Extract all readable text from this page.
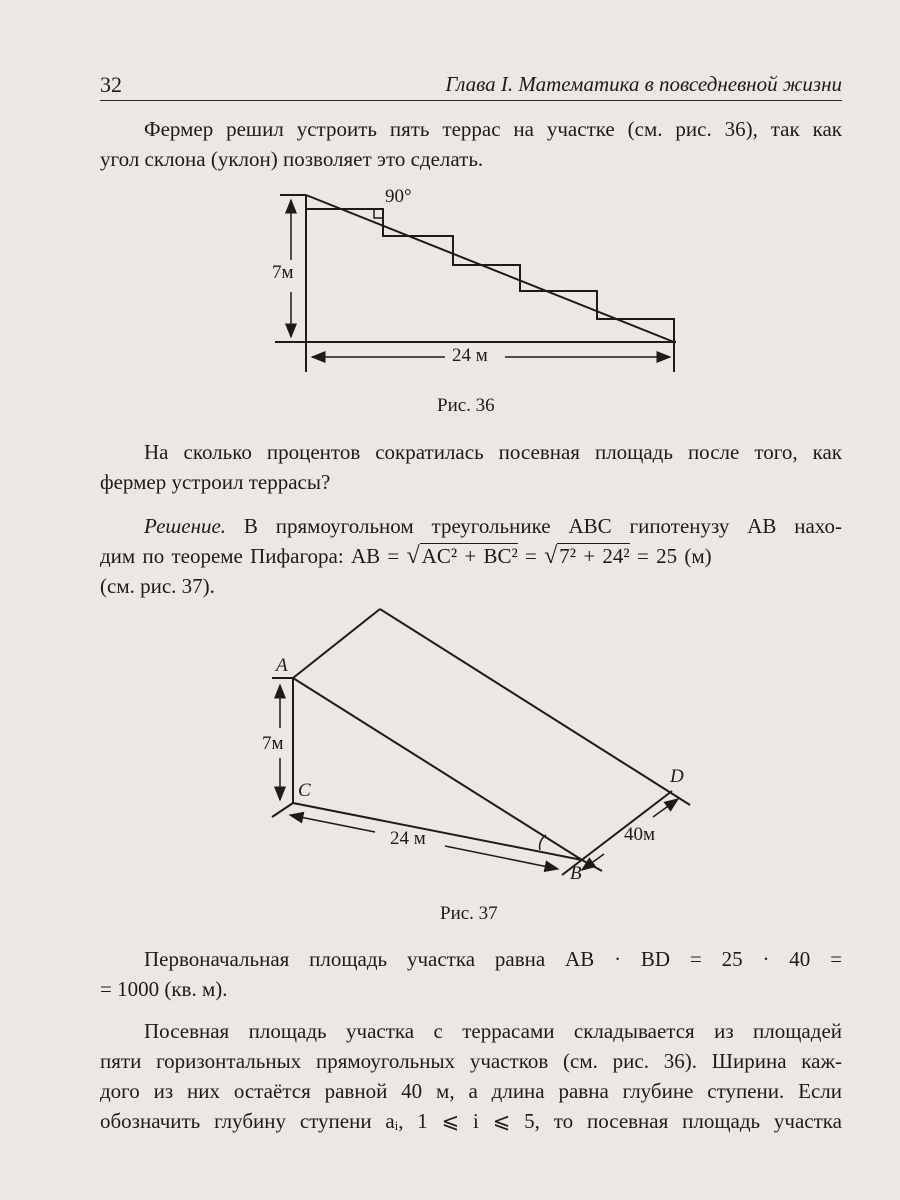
32	Глава I. Математика в повседневной жизни
Фермер решил устроить пять террас на участке (см. рис. 36), так как
угол склона (уклон) позволяет это сделать.
90°
7м
24 м
Рис. 36
На сколько процентов сократилась посевная площадь после того, как
фермер устроил террасы?
Решение. В прямоугольном треугольнике ABC гипотенузу AB нахо-
дим по теореме Пифагора: AB = √AC² + BC² = √7² + 24² = 25 (м)
(см. рис. 37).
A
C
B
D
7м
24 м	40м
Рис. 37
Первоначальная площадь участка равна AB · BD = 25 · 40 =
= 1000 (кв. м).
Посевная площадь участка с террасами складывается из площадей
пяти горизонтальных прямоугольных участков (см. рис. 36). Ширина каж-
дого из них остаётся равной 40 м, а длина равна глубине ступени. Если
обозначить глубину ступени aᵢ, 1 ⩽ i ⩽ 5, то посевная площадь участка
